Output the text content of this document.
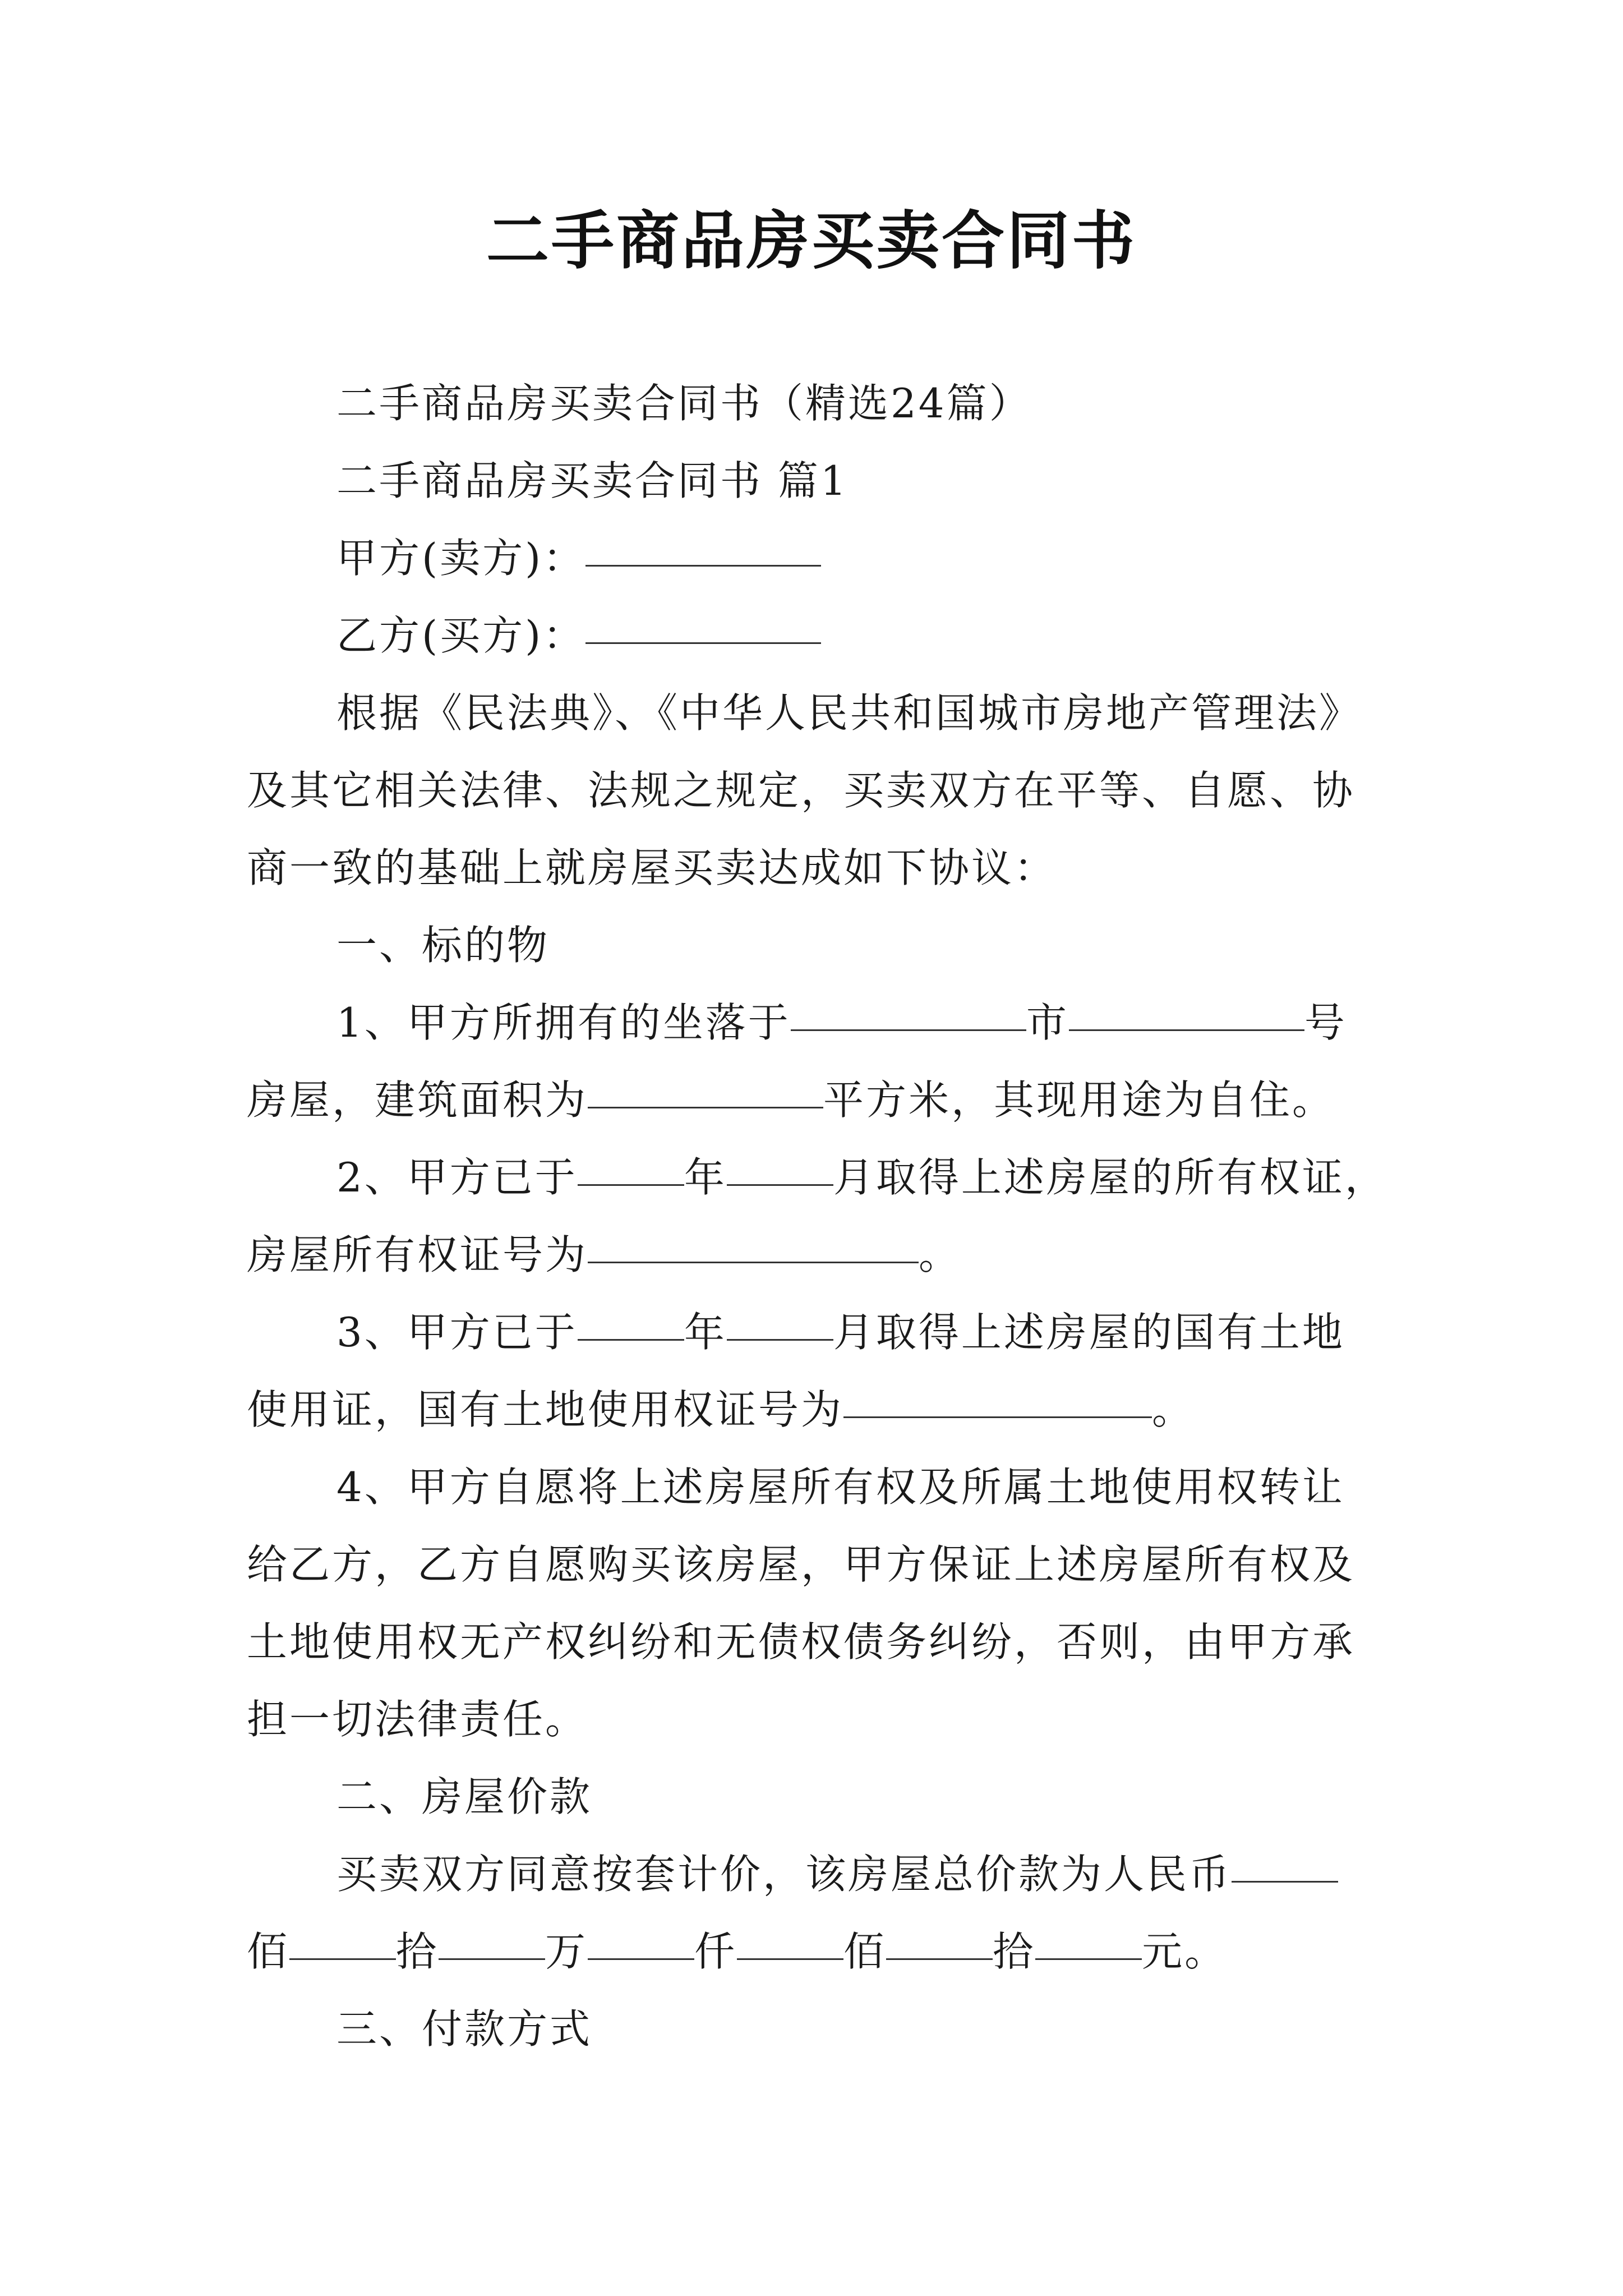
二手商品房买卖合同书

二手商品房买卖合同书（精选24篇）

二手商品房买卖合同书 篇1

甲方(卖方)：

乙方(买方)：

根据《民法典》、《中华人民共和国城市房地产管理法》

及其它相关法律、法规之规定，买卖双方在平等、自愿、协

商一致的基础上就房屋买卖达成如下协议：

一、标的物

1、甲方所拥有的坐落于	市	号

房屋，建筑面积为	平方米，其现用途为自住。

2、甲方已于	年	月取得上述房屋的所有权证，

房屋所有权证号为	。

3、甲方已于	年	月取得上述房屋的国有土地

使用证，国有土地使用权证号为	。

4、甲方自愿将上述房屋所有权及所属土地使用权转让

给乙方，乙方自愿购买该房屋，甲方保证上述房屋所有权及

土地使用权无产权纠纷和无债权债务纠纷，否则，由甲方承

担一切法律责任。

二、房屋价款

买卖双方同意按套计价，该房屋总价款为人民币

佰	拾	万	仟	佰	拾	元。

三、付款方式
